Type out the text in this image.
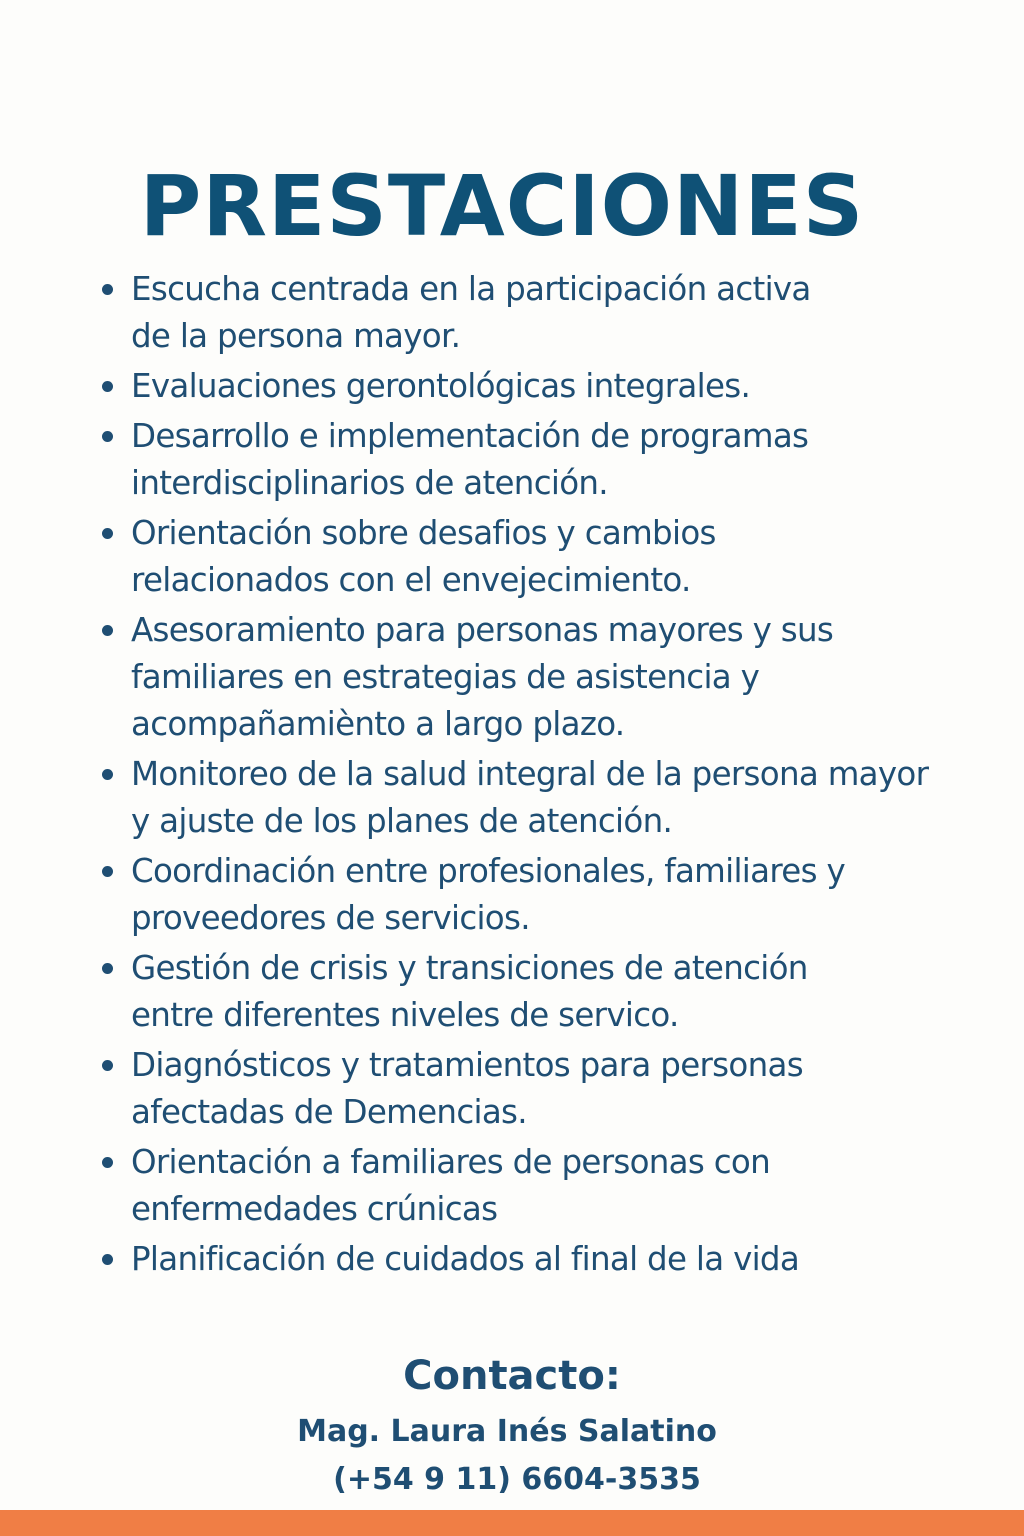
PRESTACIONES
Escucha centrada en la participación activa
de la persona mayor.
Evaluaciones gerontológicas integrales.
Desarrollo e implementación de programas
interdisciplinarios de atención.
Orientación sobre desafios y cambios
relacionados con el envejecimiento.
Asesoramiento para personas mayores y sus
familiares en estrategias de asistencia y
acompañamiènto a largo plazo.
Monitoreo de la salud integral de la persona mayor
y ajuste de los planes de atención.
Coordinación entre profesionales, familiares y
proveedores de servicios.
Gestión de crisis y transiciones de atención
entre diferentes niveles de servico.
Diagnósticos y tratamientos para personas
afectadas de Demencias.
Orientación a familiares de personas con
enfermedades crúnicas
Planificación de cuidados al final de la vida
Contacto:
Mag. Laura Inés Salatino
(+54 9 11) 6604-3535
